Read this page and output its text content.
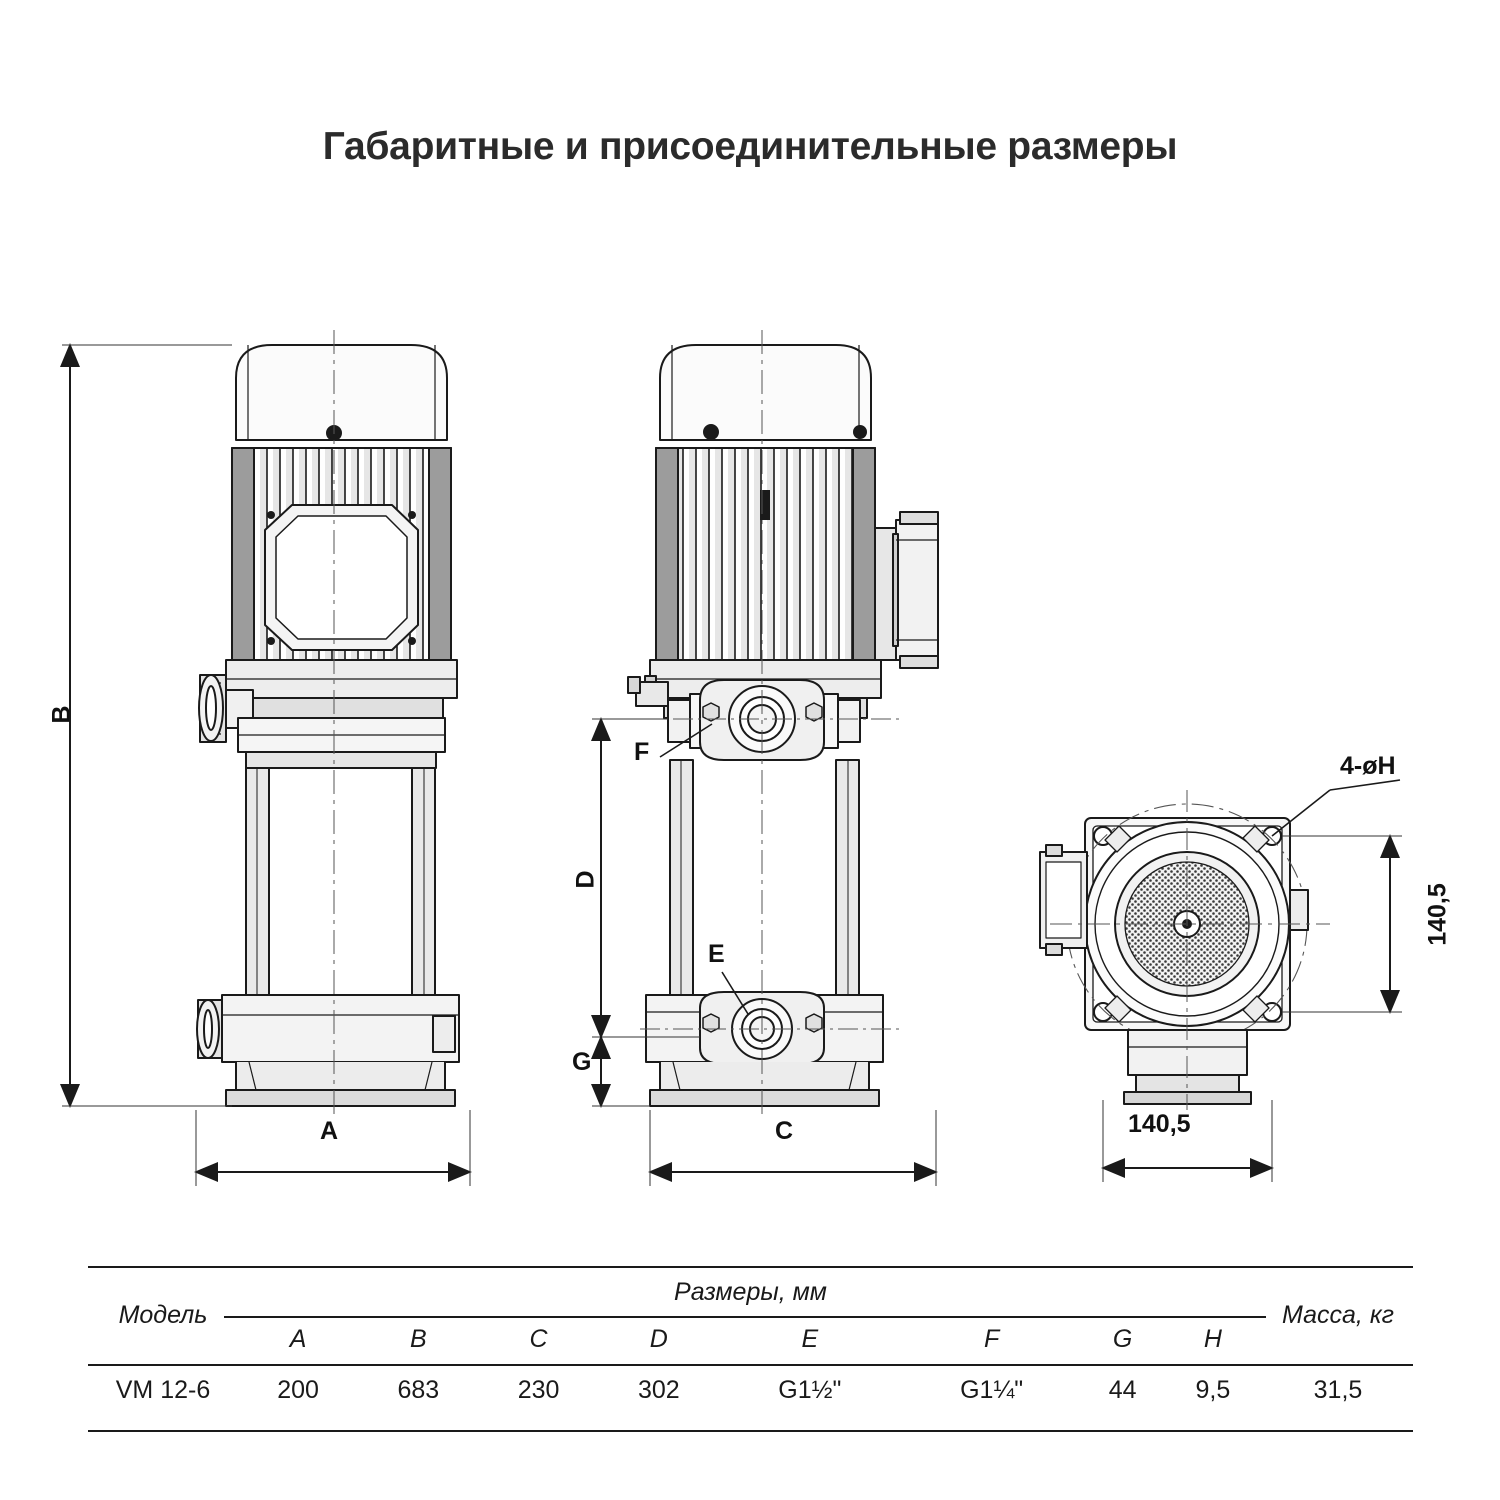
Габаритные и присоединительные размеры
B
A
D
G
C
F
E
4-øH
140,5
140,5
Модель	Размеры, мм								Масса, кг
	A	B	C	D	E	F	G	H	
VM 12-6	200	683	230	302	G1½"	G1¼"	44	9,5	31,5
